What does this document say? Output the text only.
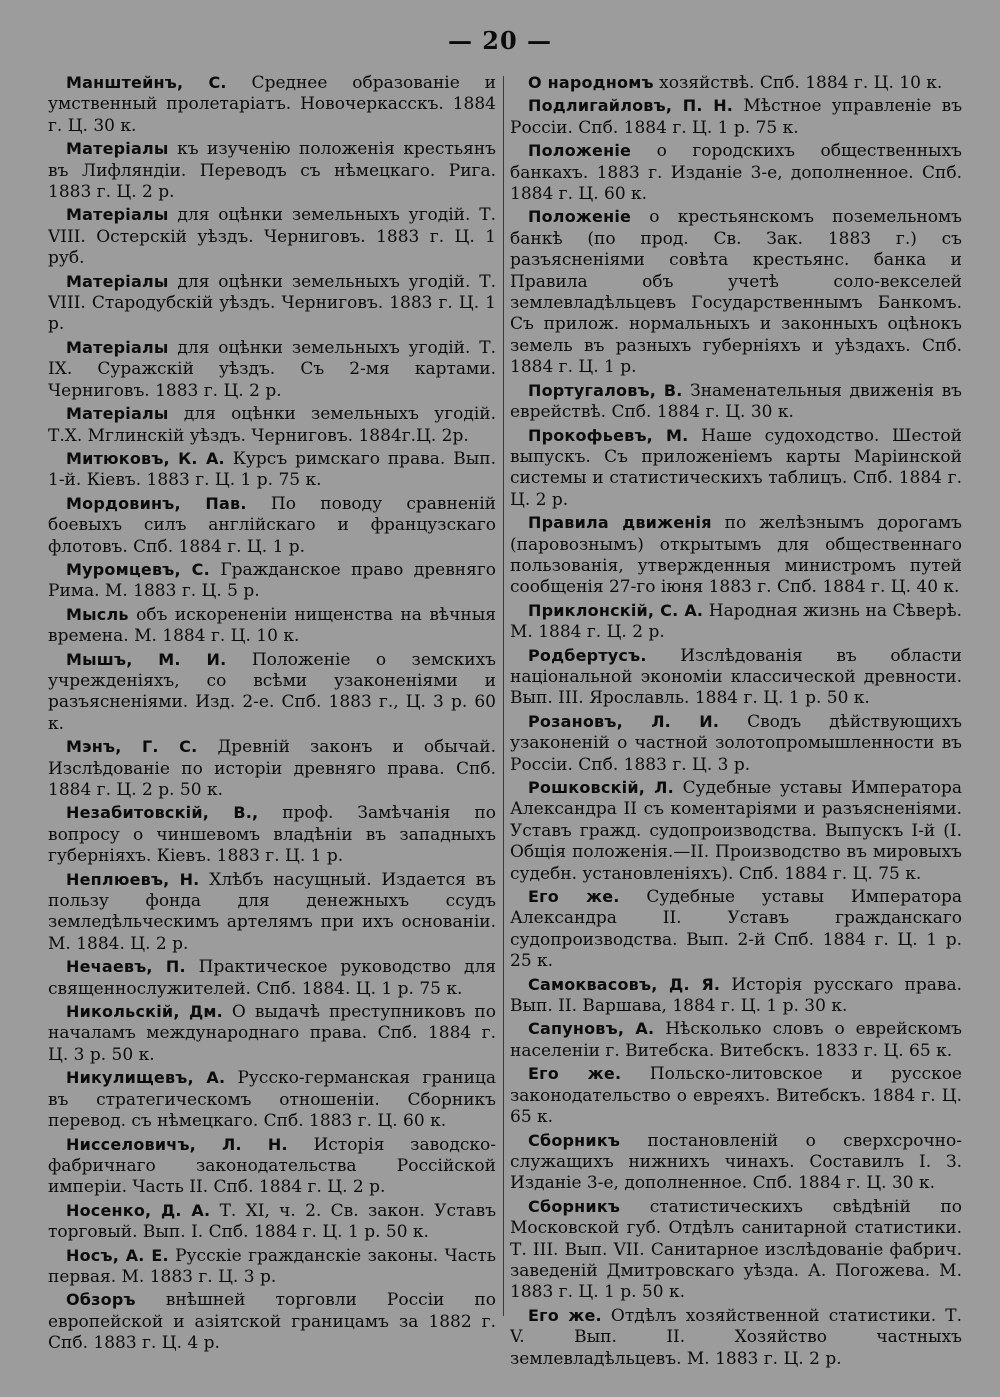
— 20 —

Манштейнъ, С. Среднее образованіе и умственный пролетаріатъ. Новочеркасскъ. 1884 г. Ц. 30 к.

Матеріалы къ изученію положенія крестьянъ въ Лифляндіи. Переводъ съ нѣмецкаго. Рига. 1883 г. Ц. 2 р.

Матеріалы для оцѣнки земельныхъ угодій. Т. VIII. Остерскій уѣздъ. Черниговъ. 1883 г. Ц. 1 руб.

Матеріалы для оцѣнки земельныхъ угодій. Т. VIII. Стародубскій уѣздъ. Черниговъ. 1883 г. Ц. 1 р.

Матеріалы для оцѣнки земельныхъ угодій. Т. IX. Суражскій уѣздъ. Съ 2-мя картами. Черниговъ. 1883 г. Ц. 2 р.

Матеріалы для оцѣнки земельныхъ угодій. Т.Х. Мглинскій уѣздъ. Черниговъ. 1884г.Ц. 2р.

Митюковъ, К. А. Курсъ римскаго права. Вып. 1-й. Кіевъ. 1883 г. Ц. 1 р. 75 к.

Мордовинъ, Пав. По поводу сравненій боевыхъ силъ англійскаго и французскаго флотовъ. Спб. 1884 г. Ц. 1 р.

Муромцевъ, С. Гражданское право древняго Рима. М. 1883 г. Ц. 5 р.

Мысль объ искорененіи нищенства на вѣчныя времена. М. 1884 г. Ц. 10 к.

Мышъ, М. И. Положеніе о земскихъ учрежденіяхъ, со всѣми узаконеніями и разъясненіями. Изд. 2-е. Спб. 1883 г., Ц. 3 р. 60 к.

Мэнъ, Г. С. Древній законъ и обычай. Изслѣдованіе по исторіи древняго права. Спб. 1884 г. Ц. 2 р. 50 к.

Незабитовскій, В., проф. Замѣчанія по вопросу о чиншевомъ владѣніи въ западныхъ губерніяхъ. Кіевъ. 1883 г. Ц. 1 р.

Неплюевъ, Н. Хлѣбъ насущный. Издается въ пользу фонда для денежныхъ ссудъ земледѣльческимъ артелямъ при ихъ основаніи. М. 1884. Ц. 2 р.

Нечаевъ, П. Практическое руководство для священнослужителей. Спб. 1884. Ц. 1 р. 75 к.

Никольскій, Дм. О выдачѣ преступниковъ по началамъ международнаго права. Спб. 1884 г. Ц. 3 р. 50 к.

Никулищевъ, А. Русско-германская граница въ стратегическомъ отношеніи. Сборникъ перевод. съ нѣмецкаго. Спб. 1883 г. Ц. 60 к.

Нисселовичъ, Л. Н. Исторія заводско-фабричнаго законодательства Россійской имперіи. Часть II. Спб. 1884 г. Ц. 2 р.

Носенко, Д. А. Т. XI, ч. 2. Св. закон. Уставъ торговый. Вып. I. Спб. 1884 г. Ц. 1 р. 50 к.

Носъ, А. Е. Русскіе гражданскіе законы. Часть первая. М. 1883 г. Ц. 3 р.

Обзоръ внѣшней торговли Россіи по европейской и азіятской границамъ за 1882 г. Спб. 1883 г. Ц. 4 р.

О народномъ хозяйствѣ. Спб. 1884 г. Ц. 10 к.

Подлигайловъ, П. Н. Мѣстное управленіе въ Россіи. Спб. 1884 г. Ц. 1 р. 75 к.

Положеніе о городскихъ общественныхъ банкахъ. 1883 г. Изданіе 3-е, дополненное. Спб. 1884 г. Ц. 60 к.

Положеніе о крестьянскомъ поземельномъ банкѣ (по прод. Св. Зак. 1883 г.) съ разъясненіями совѣта крестьянс. банка и Правила объ учетѣ соло-векселей землевладѣльцевъ Государственнымъ Банкомъ. Съ прилож. нормальныхъ и законныхъ оцѣнокъ земель въ разныхъ губерніяхъ и уѣздахъ. Спб. 1884 г. Ц. 1 р.

Португаловъ, В. Знаменательныя движенія въ еврействѣ. Спб. 1884 г. Ц. 30 к.

Прокофьевъ, М. Наше судоходство. Шестой выпускъ. Съ приложеніемъ карты Маріинской системы и статистическихъ таблицъ. Спб. 1884 г. Ц. 2 р.

Правила движенія по желѣзнымъ дорогамъ (паровознымъ) открытымъ для общественнаго пользованія, утвержденныя министромъ путей сообщенія 27-го іюня 1883 г. Спб. 1884 г. Ц. 40 к.

Приклонскій, С. А. Народная жизнь на Сѣверѣ. М. 1884 г. Ц. 2 р.

Родбертусъ. Изслѣдованія въ области національной экономіи классической древности. Вып. III. Ярославль. 1884 г. Ц. 1 р. 50 к.

Розановъ, Л. И. Сводъ дѣйствующихъ узаконеній о частной золотопромышленности въ Россіи. Спб. 1883 г. Ц. 3 р.

Рошковскій, Л. Судебные уставы Императора Александра II съ коментаріями и разъясненіями. Уставъ гражд. судопроизводства. Выпускъ I-й (I. Общія положенія.—II. Производство въ мировыхъ судебн. установленіяхъ). Спб. 1884 г. Ц. 75 к.

Его же. Судебные уставы Императора Александра II. Уставъ гражданскаго судопроизводства. Вып. 2-й Спб. 1884 г. Ц. 1 р. 25 к.

Самоквасовъ, Д. Я. Исторія русскаго права. Вып. II. Варшава, 1884 г. Ц. 1 р. 30 к.

Сапуновъ, А. Нѣсколько словъ о еврейскомъ населеніи г. Витебска. Витебскъ. 1833 г. Ц. 65 к.

Его же. Польско-литовское и русское законодательство о евреяхъ. Витебскъ. 1884 г. Ц. 65 к.

Сборникъ постановленій о сверхсрочно-служащихъ нижнихъ чинахъ. Составилъ I. З. Изданіе 3-е, дополненное. Спб. 1884 г. Ц. 30 к.

Сборникъ статистическихъ свѣдѣній по Московской губ. Отдѣлъ санитарной статистики. Т. III. Вып. VII. Санитарное изслѣдованіе фабрич. заведеній Дмитровскаго уѣзда. А. Погожева. М. 1883 г. Ц. 1 р. 50 к.

Его же. Отдѣлъ хозяйственной статистики. Т. V. Вып. II. Хозяйство частныхъ землевладѣльцевъ. М. 1883 г. Ц. 2 р.
